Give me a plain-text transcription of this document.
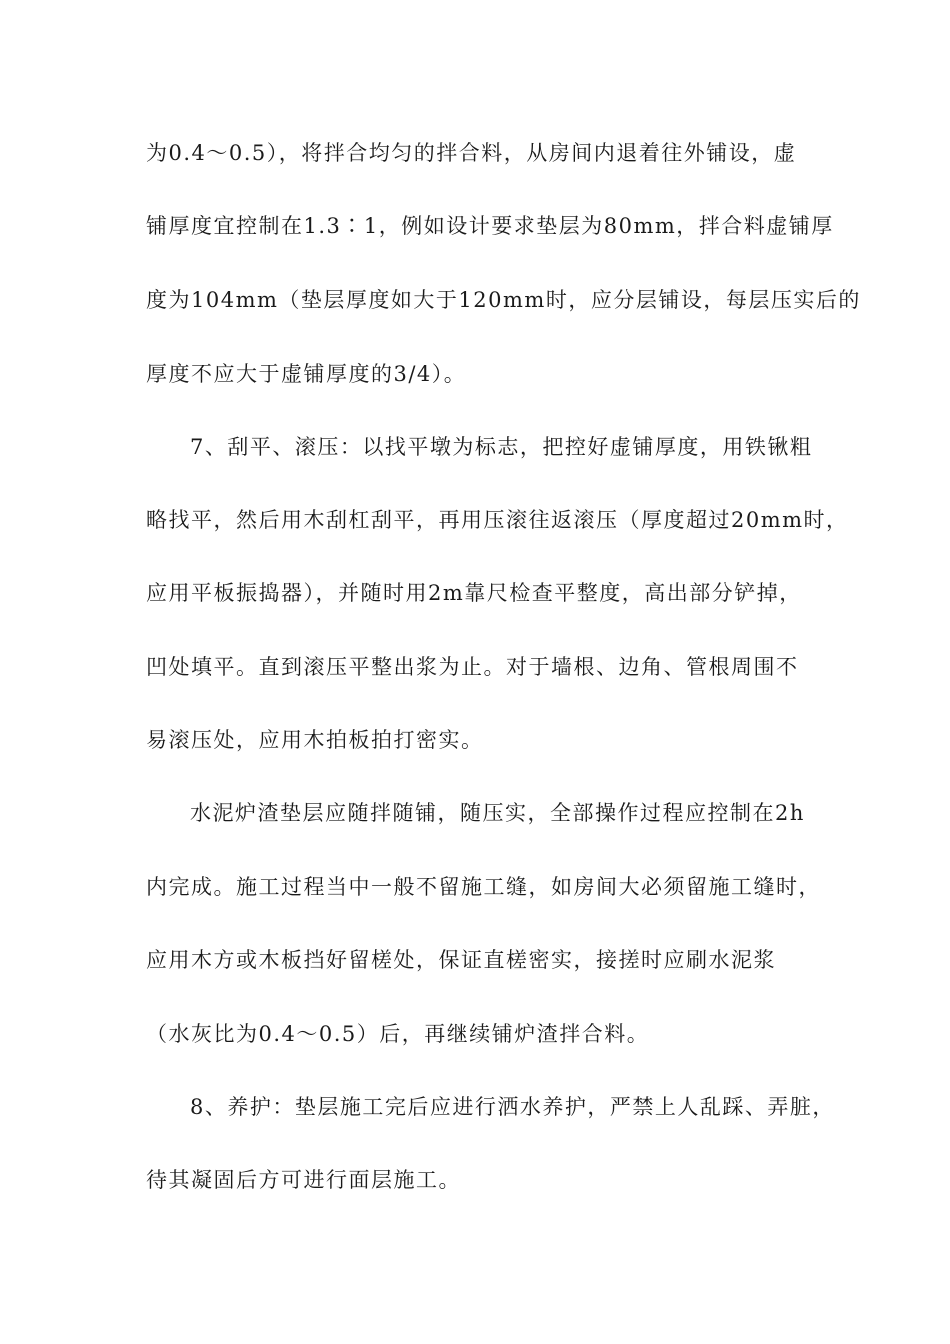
为0.4～0.5），将拌合均匀的拌合料，从房间内退着往外铺设，虚
铺厚度宜控制在1.3∶1，例如设计要求垫层为80mm，拌合料虚铺厚
度为104mm（垫层厚度如大于120mm时，应分层铺设，每层压实后的
厚度不应大于虚铺厚度的3/4）。
7、刮平、滚压：以找平墩为标志，把控好虚铺厚度，用铁锹粗
略找平，然后用木刮杠刮平，再用压滚往返滚压（厚度超过20mm时，
应用平板振捣器），并随时用2m靠尺检查平整度，高出部分铲掉，
凹处填平。直到滚压平整出浆为止。对于墙根、边角、管根周围不
易滚压处，应用木拍板拍打密实。
水泥炉渣垫层应随拌随铺，随压实，全部操作过程应控制在2h
内完成。施工过程当中一般不留施工缝，如房间大必须留施工缝时，
应用木方或木板挡好留槎处，保证直槎密实，接搓时应刷水泥浆
（水灰比为0.4～0.5）后，再继续铺炉渣拌合料。
8、养护：垫层施工完后应进行洒水养护，严禁上人乱踩、弄脏，
待其凝固后方可进行面层施工。
